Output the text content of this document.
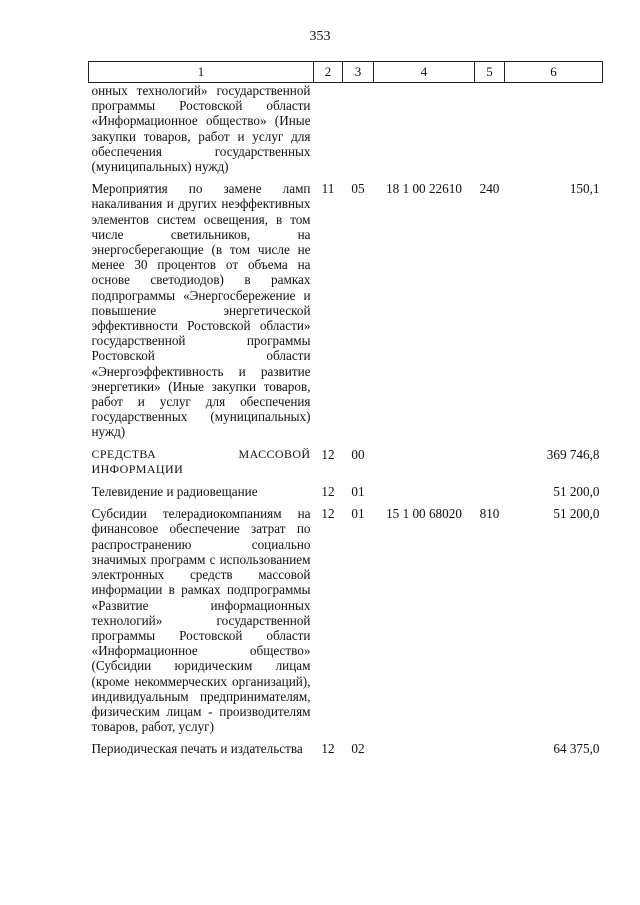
353
1	2	3	4	5	6
онных технологий» государственной программы Ростовской области «Информационное общество» (Иные закупки товаров, работ и услуг для обеспечения государственных (муниципальных) нужд)					
Мероприятия по замене ламп накаливания и других неэффективных элементов систем освещения, в том числе светильников, на энергосберегающие (в том числе не менее 30 процентов от объема на основе светодиодов) в рамках подпрограммы «Энергосбережение и повышение энергетической эффективности Ростовской области» государственной программы Ростовской области «Энергоэффективность и развитие энергетики» (Иные закупки товаров, работ и услуг для обеспечения государственных (муниципальных) нужд)	11	05	18 1 00 22610	240	150,1
СРЕДСТВА МАССОВОЙ ИНФОРМАЦИИ	12	00			369 746,8
Телевидение и радиовещание	12	01			51 200,0
Субсидии телерадиокомпаниям на финансовое обеспечение затрат по распространению социально значимых программ с использованием электронных средств массовой информации в рамках подпрограммы «Развитие информационных технологий» государственной программы Ростовской области «Информационное общество» (Субсидии юридическим лицам (кроме некоммерческих организаций), индивидуальным предпринимателям, физическим лицам - производителям товаров, работ, услуг)	12	01	15 1 00 68020	810	51 200,0
Периодическая печать и издательства	12	02			64 375,0
